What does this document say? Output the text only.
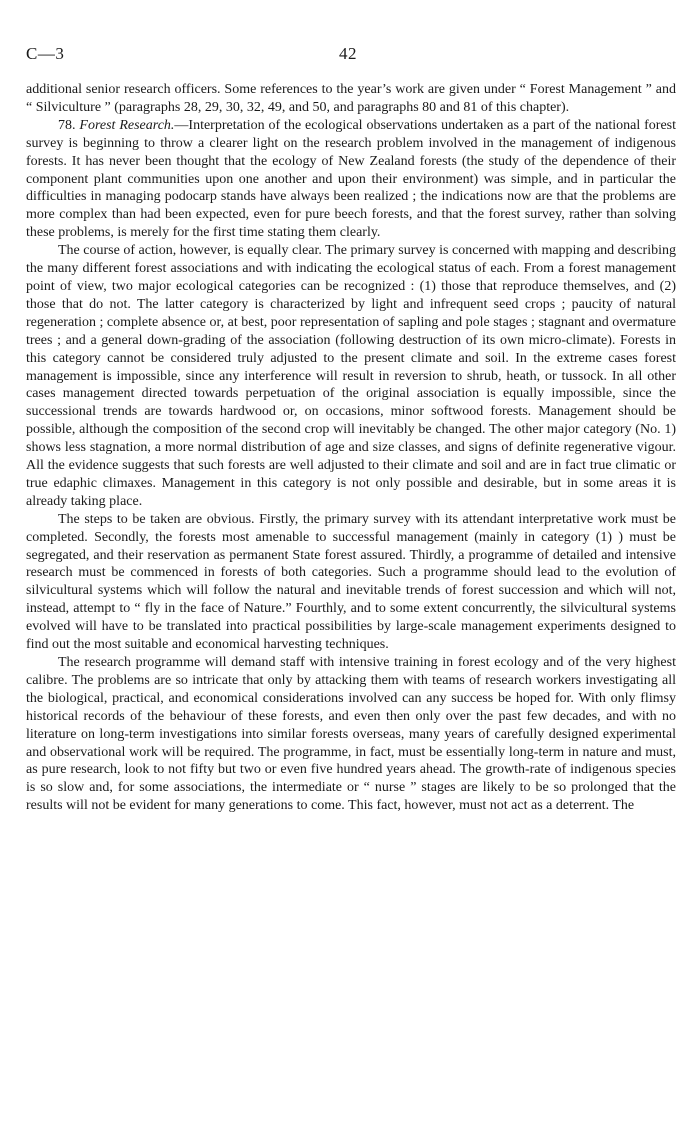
C—3	42

additional senior research officers. Some references to the year’s work are given under “ Forest Management ” and “ Silviculture ” (paragraphs 28, 29, 30, 32, 49, and 50, and paragraphs 80 and 81 of this chapter).

78. Forest Research.—Interpretation of the ecological observations undertaken as a part of the national forest survey is beginning to throw a clearer light on the research problem involved in the management of indigenous forests. It has never been thought that the ecology of New Zealand forests (the study of the dependence of their component plant communities upon one another and upon their environment) was simple, and in particular the difficulties in managing podocarp stands have always been realized ; the indications now are that the problems are more complex than had been expected, even for pure beech forests, and that the forest survey, rather than solving these problems, is merely for the first time stating them clearly.

The course of action, however, is equally clear. The primary survey is concerned with mapping and describing the many different forest associations and with indicating the ecological status of each. From a forest management point of view, two major ecological categories can be recognized : (1) those that reproduce themselves, and (2) those that do not. The latter category is characterized by light and infrequent seed crops ; paucity of natural regeneration ; complete absence or, at best, poor representation of sapling and pole stages ; stagnant and overmature trees ; and a general down-grading of the association (following destruction of its own micro-climate). Forests in this category cannot be considered truly adjusted to the present climate and soil. In the extreme cases forest management is impossible, since any interference will result in reversion to shrub, heath, or tussock. In all other cases management directed towards perpetuation of the original association is equally impossible, since the successional trends are towards hardwood or, on occasions, minor softwood forests. Management should be possible, although the composition of the second crop will inevitably be changed. The other major category (No. 1) shows less stagnation, a more normal distribution of age and size classes, and signs of definite regenerative vigour. All the evidence suggests that such forests are well adjusted to their climate and soil and are in fact true climatic or true edaphic climaxes. Management in this category is not only possible and desirable, but in some areas it is already taking place.

The steps to be taken are obvious. Firstly, the primary survey with its attendant interpretative work must be completed. Secondly, the forests most amenable to successful management (mainly in category (1) ) must be segregated, and their reservation as permanent State forest assured. Thirdly, a programme of detailed and intensive research must be commenced in forests of both categories. Such a programme should lead to the evolution of silvicultural systems which will follow the natural and inevitable trends of forest succession and which will not, instead, attempt to “ fly in the face of Nature.” Fourthly, and to some extent concurrently, the silvicultural systems evolved will have to be translated into practical possibilities by large-scale management experiments designed to find out the most suitable and economical harvesting techniques.

The research programme will demand staff with intensive training in forest ecology and of the very highest calibre. The problems are so intricate that only by attacking them with teams of research workers investigating all the biological, practical, and economical considerations involved can any success be hoped for. With only flimsy historical records of the behaviour of these forests, and even then only over the past few decades, and with no literature on long-term investigations into similar forests overseas, many years of carefully designed experimental and observational work will be required. The programme, in fact, must be essentially long-term in nature and must, as pure research, look to not fifty but two or even five hundred years ahead. The growth-rate of indigenous species is so slow and, for some associations, the intermediate or “ nurse ” stages are likely to be so prolonged that the results will not be evident for many generations to come. This fact, however, must not act as a deterrent. The
